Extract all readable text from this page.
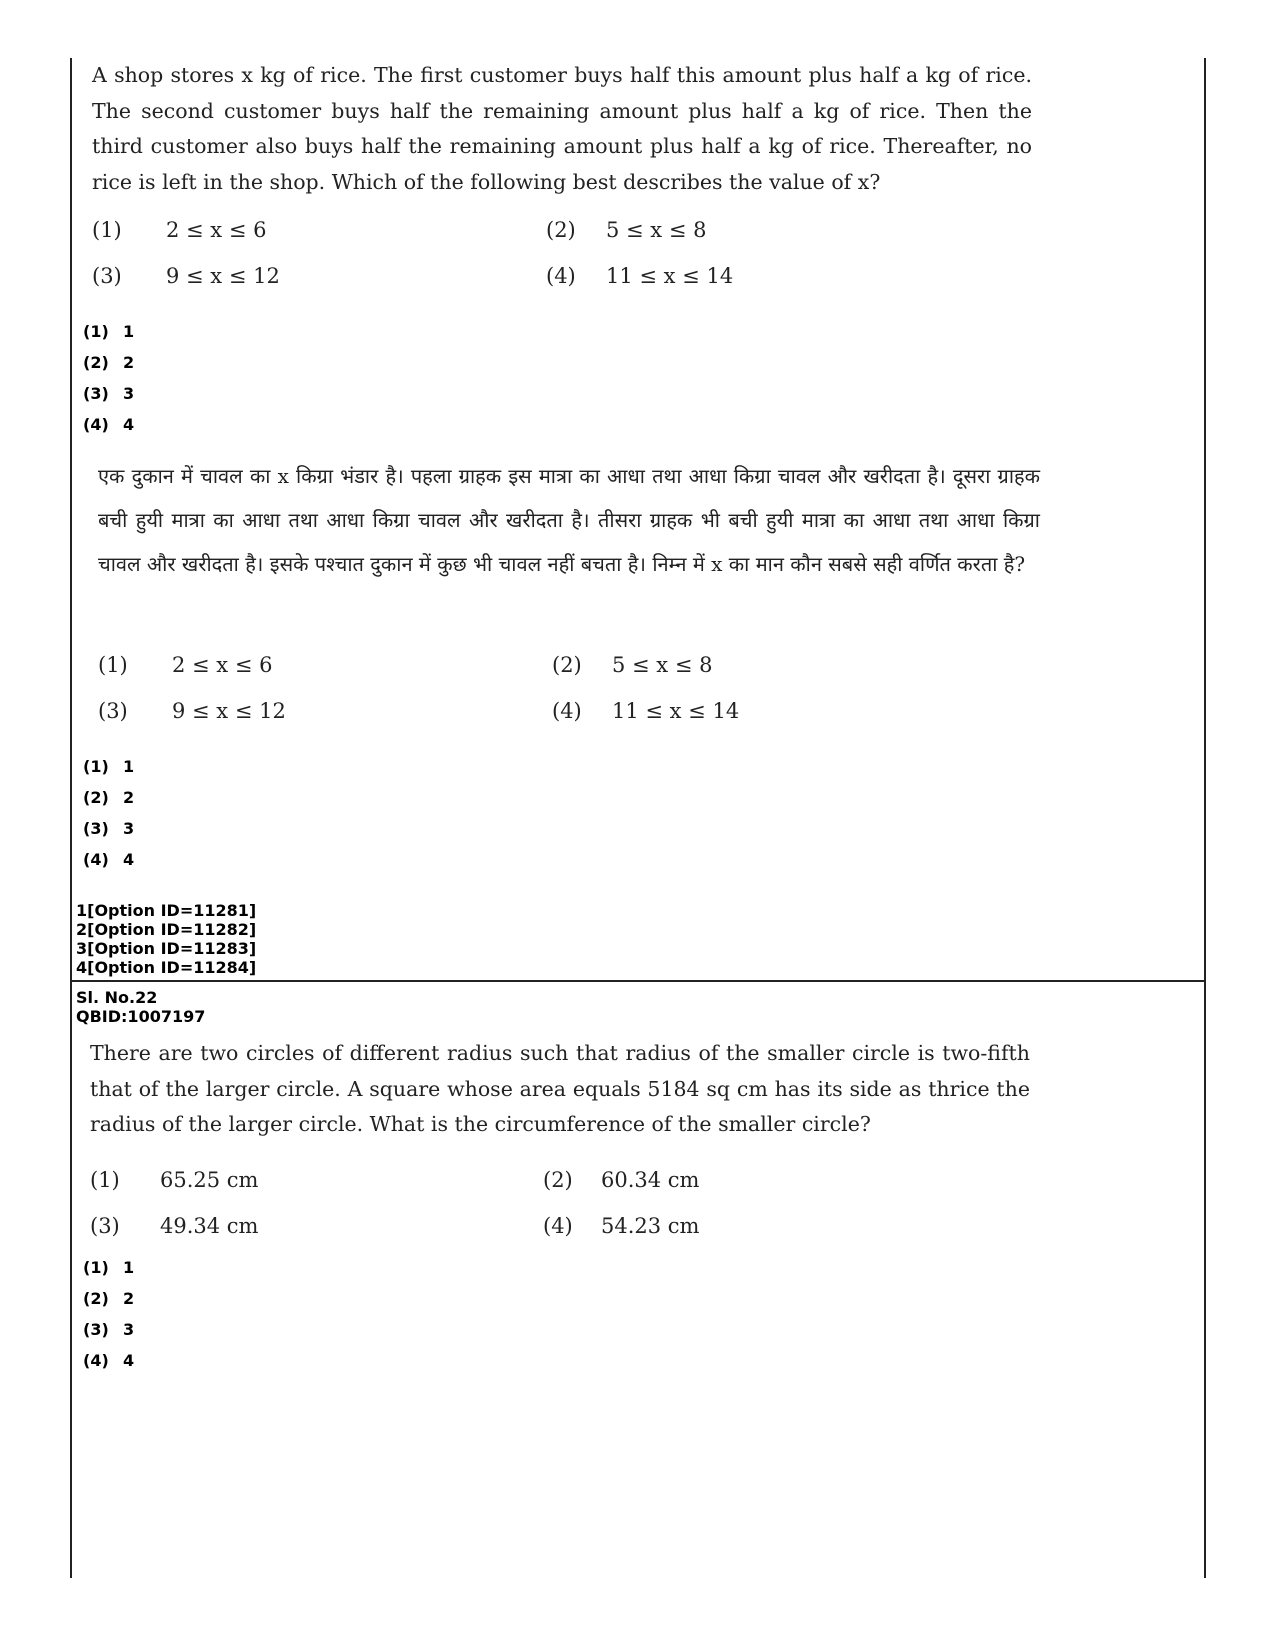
A shop stores x kg of rice. The first customer buys half this amount plus half a kg of rice. The second customer buys half the remaining amount plus half a kg of rice. Then the third customer also buys half the remaining amount plus half a kg of rice. Thereafter, no rice is left in the shop. Which of the following best describes the value of x?

(1) 2 ≤ x ≤ 6	(2) 5 ≤ x ≤ 8
(3) 9 ≤ x ≤ 12	(4) 11 ≤ x ≤ 14
(1) 1
(2) 2
(3) 3
(4) 4

एक दुकान में चावल का x किग्रा भंडार है। पहला ग्राहक इस मात्रा का आधा तथा आधा किग्रा चावल और खरीदता है। दूसरा ग्राहक बची हुयी मात्रा का आधा तथा आधा किग्रा चावल और खरीदता है। तीसरा ग्राहक भी बची हुयी मात्रा का आधा तथा आधा किग्रा चावल और खरीदता है। इसके पश्चात दुकान में कुछ भी चावल नहीं बचता है। निम्न में x का मान कौन सबसे सही वर्णित करता है?

(1) 2 ≤ x ≤ 6	(2) 5 ≤ x ≤ 8
(3) 9 ≤ x ≤ 12	(4) 11 ≤ x ≤ 14
(1) 1
(2) 2
(3) 3
(4) 4
1[Option ID=11281]
2[Option ID=11282]
3[Option ID=11283]
4[Option ID=11284]
Sl. No.22
QBID:1007197

There are two circles of different radius such that radius of the smaller circle is two-fifth that of the larger circle. A square whose area equals 5184 sq cm has its side as thrice the radius of the larger circle. What is the circumference of the smaller circle?

(1) 65.25 cm	(2) 60.34 cm
(3) 49.34 cm	(4) 54.23 cm
(1) 1
(2) 2
(3) 3
(4) 4
